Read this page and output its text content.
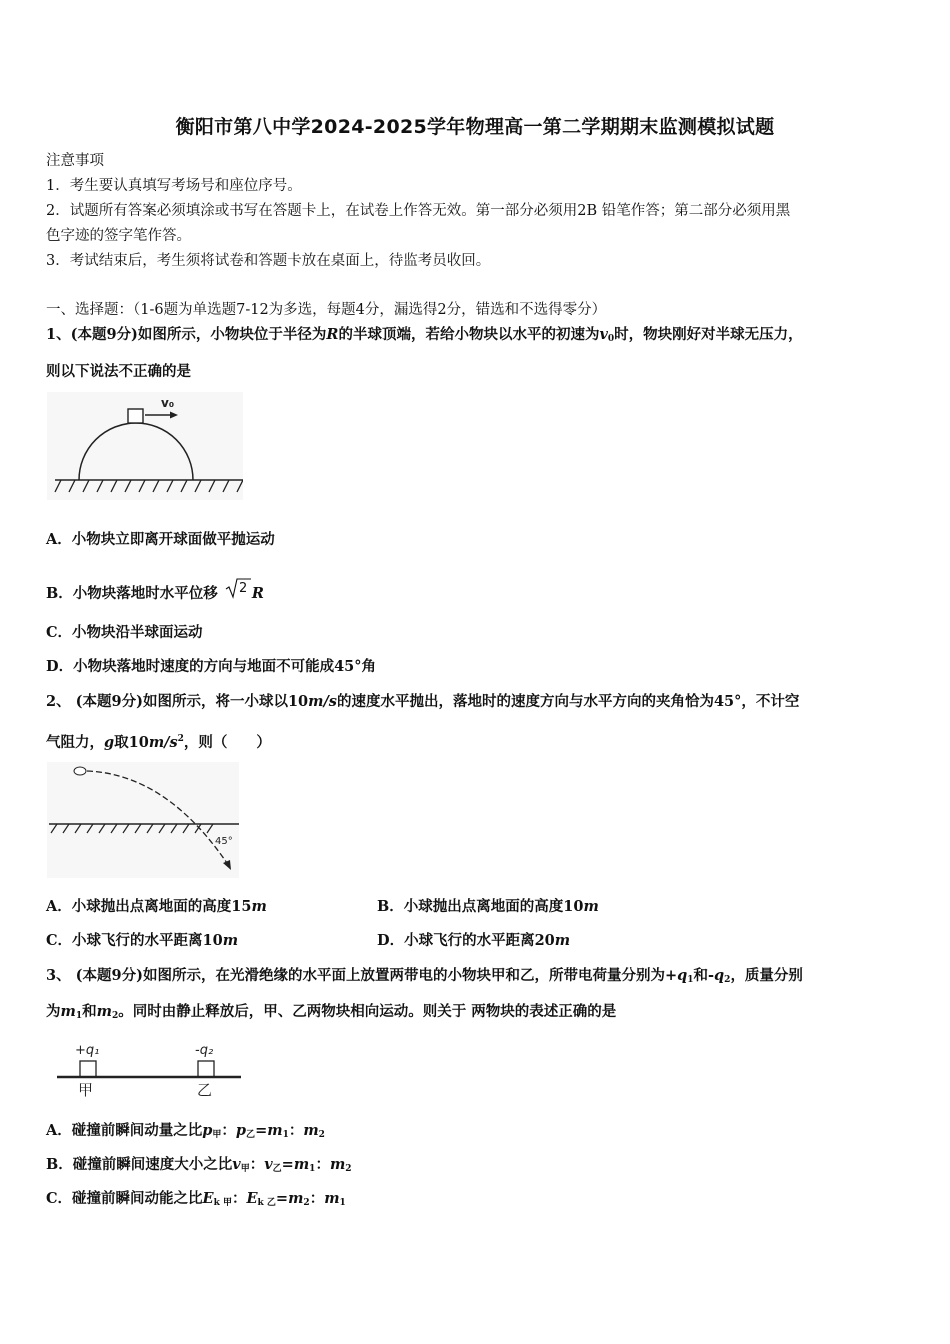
衡阳市第八中学2024-2025学年物理高一第二学期期末监测模拟试题
注意事项
1．考生要认真填写考场号和座位序号。
2．试题所有答案必须填涂或书写在答题卡上，在试卷上作答无效。第一部分必须用2B 铅笔作答；第二部分必须用黑
色字迹的签字笔作答。
3．考试结束后，考生须将试卷和答题卡放在桌面上，待监考员收回。
一、选择题：（1-6题为单选题7-12为多选，每题4分，漏选得2分，错选和不选得零分）
1、(本题9分)如图所示，小物块位于半径为R的半球顶端，若给小物块以水平的初速为$v_0$时，物块刚好对半球无压力，
则以下说法不正确的是
v₀
A．小物块立即离开球面做平抛运动
B．小物块落地时水平位移 2 R
C．小物块沿半球面运动
D．小物块落地时速度的方向与地面不可能成45°角
2、 (本题9分)如图所示，将一小球以10m/s的速度水平抛出，落地时的速度方向与水平方向的夹角恰为45°，不计空
气阻力，g取$10m/s^2$，则（　　）
45°
A．小球抛出点离地面的高度15m	B．小球抛出点离地面的高度10m
C．小球飞行的水平距离10m	D．小球飞行的水平距离20m
3、 (本题9分)如图所示，在光滑绝缘的水平面上放置两带电的小物块甲和乙，所带电荷量分别为$+q_1$和$-q_2$，质量分别
为$m_1$和$m_2$。同时由静止释放后，甲、乙两物块相向运动。则关于 两物块的表述正确的是
+q₁	-q₂
甲	乙
A．碰撞前瞬间动量之比$p_甲$：$p_乙=m_1$：$m_2$
B．碰撞前瞬间速度大小之比$v_甲$：$v_乙=m_1$：$m_2$
C．碰撞前瞬间动能之比$E_{k 甲}$：$E_{k 乙}=m_2$：$m_1$
